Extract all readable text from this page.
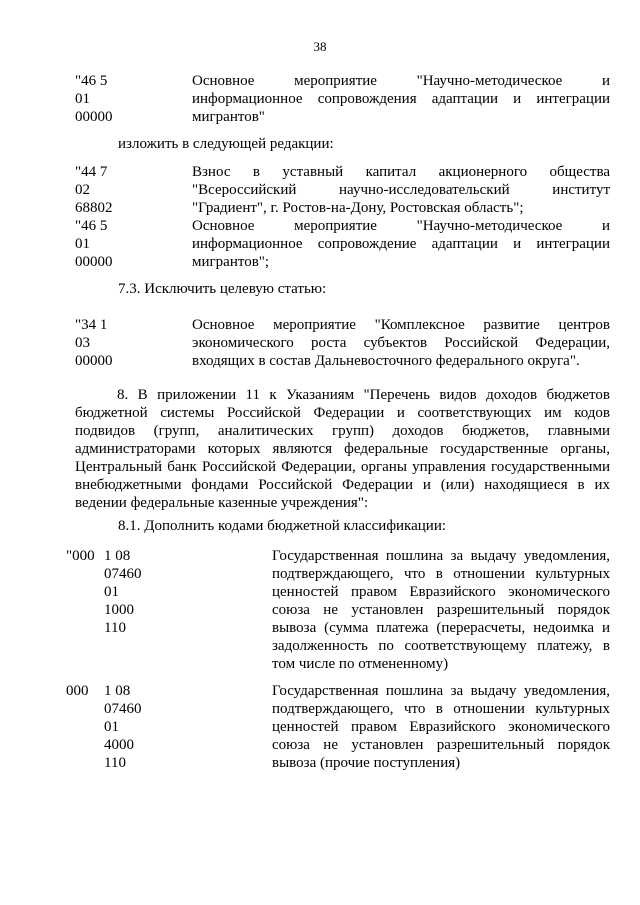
38
"46 5 01 00000
Основное мероприятие "Научно-методическое и
информационное сопровождения адаптации и интеграции
мигрантов"
изложить в следующей редакции:
"44 7 02 68802
Взнос в уставный капитал акционерного общества
"Всероссийский научно-исследовательский институт
"Градиент", г. Ростов-на-Дону, Ростовская область";
"46 5 01 00000
Основное мероприятие "Научно-методическое и
информационное сопровождение адаптации и интеграции
мигрантов";
7.3. Исключить целевую статью:
"34 1 03 00000
Основное мероприятие "Комплексное развитие центров
экономического роста субъектов Российской Федерации,
входящих в состав Дальневосточного федерального округа".
8. В приложении 11 к Указаниям "Перечень видов доходов бюджетов
бюджетной системы Российской Федерации и соответствующих им кодов
подвидов (групп, аналитических групп) доходов бюджетов, главными
администраторами которых являются федеральные государственные органы,
Центральный банк Российской Федерации, органы управления государственными
внебюджетными фондами Российской Федерации и (или) находящиеся в их
ведении федеральные казенные учреждения":
8.1. Дополнить кодами бюджетной классификации:
"000 1 08 07460 01 1000 110
Государственная пошлина за выдачу уведомления,
подтверждающего, что в отношении культурных
ценностей правом Евразийского экономического
союза не установлен разрешительный порядок
вывоза (сумма платежа (перерасчеты, недоимка и
задолженность по соответствующему платежу, в
том числе по отмененному)
000 1 08 07460 01 4000 110
Государственная пошлина за выдачу уведомления,
подтверждающего, что в отношении культурных
ценностей правом Евразийского экономического
союза не установлен разрешительный порядок
вывоза (прочие поступления)
